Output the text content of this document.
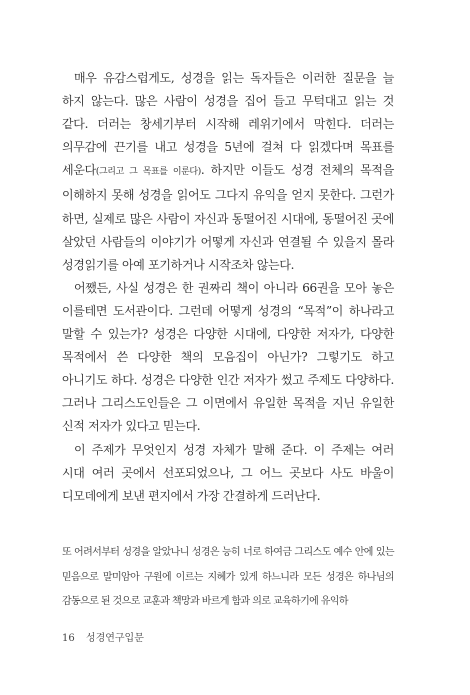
매우 유감스럽게도, 성경을 읽는 독자들은 이러한 질문을 늘 하지 않는다. 많은 사람이 성경을 집어 들고 무턱대고 읽는 것 같다. 더러는 창세기부터 시작해 레위기에서 막힌다. 더러는 의무감에 끈기를 내고 성경을 5년에 걸쳐 다 읽겠다며 목표를 세운다(그리고 그 목표를 이룬다). 하지만 이들도 성경 전체의 목적을 이해하지 못해 성경을 읽어도 그다지 유익을 얻지 못한다. 그런가 하면, 실제로 많은 사람이 자신과 동떨어진 시대에, 동떨어진 곳에 살았던 사람들의 이야기가 어떻게 자신과 연결될 수 있을지 몰라 성경읽기를 아예 포기하거나 시작조차 않는다.

어쨌든, 사실 성경은 한 권짜리 책이 아니라 66권을 모아 놓은 이를테면 도서관이다. 그런데 어떻게 성경의 “목적”이 하나라고 말할 수 있는가? 성경은 다양한 시대에, 다양한 저자가, 다양한 목적에서 쓴 다양한 책의 모음집이 아닌가? 그렇기도 하고 아니기도 하다. 성경은 다양한 인간 저자가 썼고 주제도 다양하다. 그러나 그리스도인들은 그 이면에서 유일한 목적을 지닌 유일한 신적 저자가 있다고 믿는다.

이 주제가 무엇인지 성경 자체가 말해 준다. 이 주제는 여러 시대 여러 곳에서 선포되었으나, 그 어느 곳보다 사도 바울이 디모데에게 보낸 편지에서 가장 간결하게 드러난다.

또 어려서부터 성경을 알았나니 성경은 능히 너로 하여금 그리스도 예수 안에 있는 믿음으로 말미암아 구원에 이르는 지혜가 있게 하느니라 모든 성경은 하나님의 감동으로 된 것으로 교훈과 책망과 바르게 함과 의로 교육하기에 유익하

16 성경연구입문
